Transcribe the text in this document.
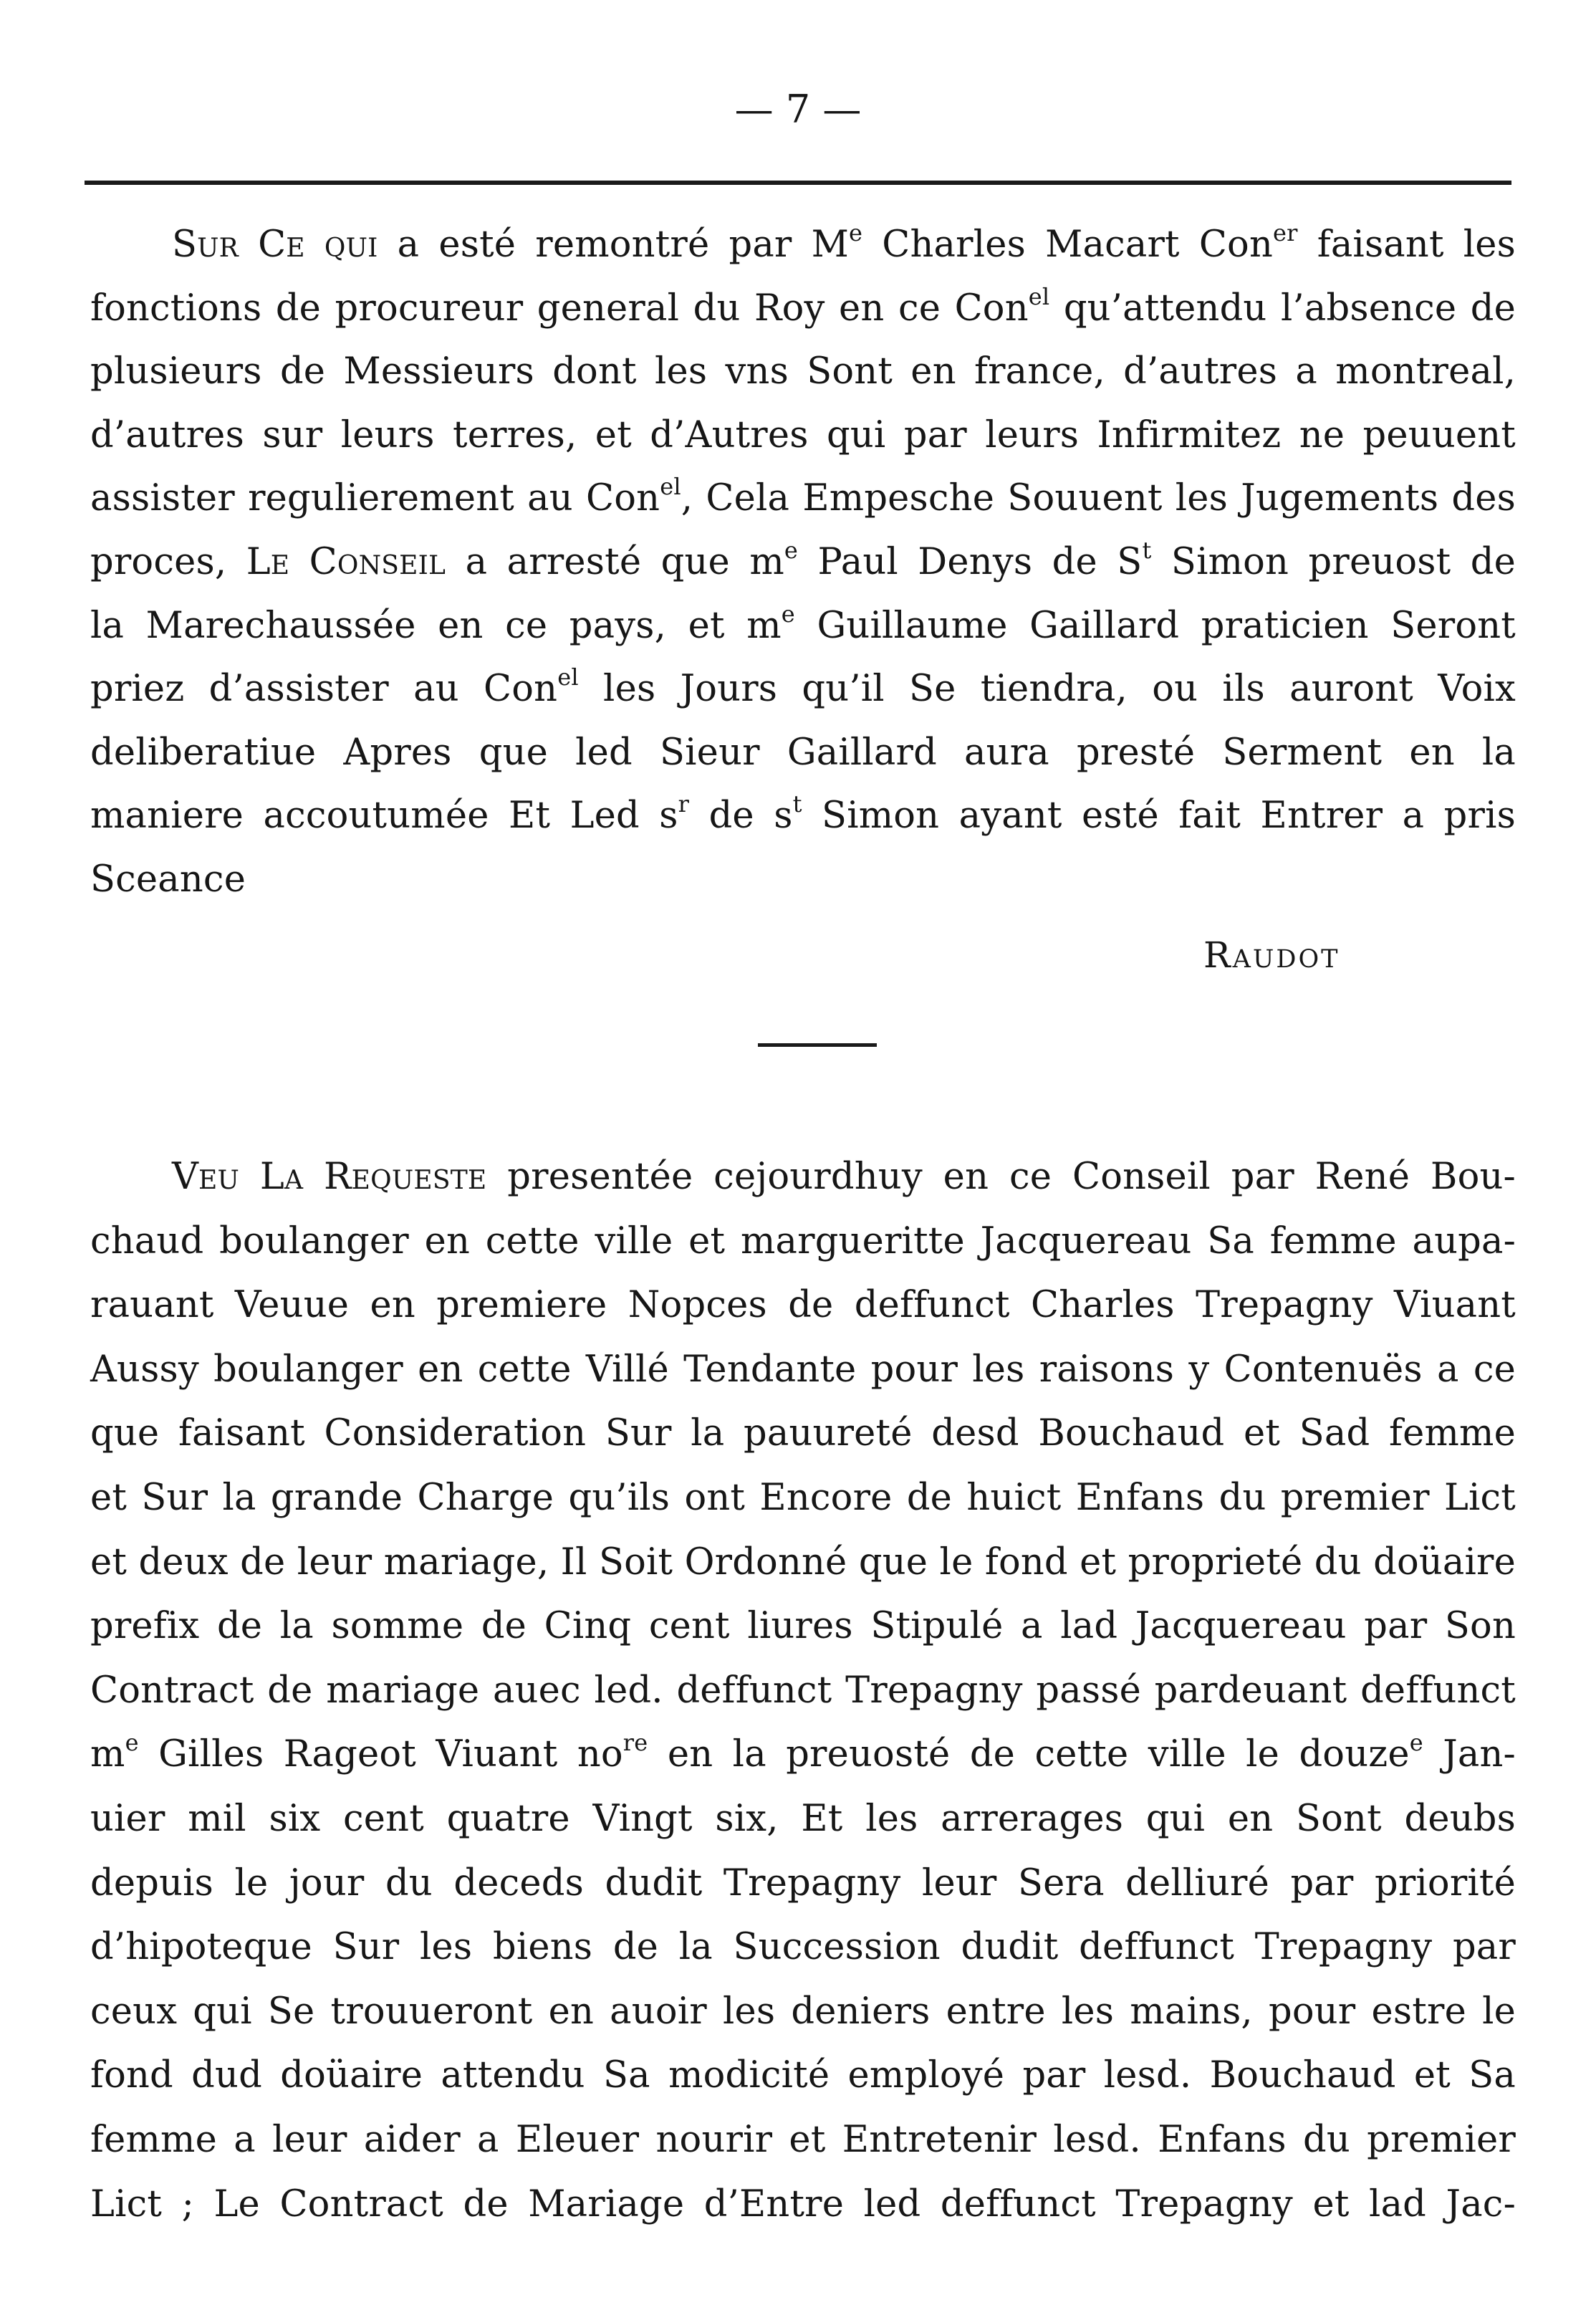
— 7 —

Sur Ce qui a esté remontré par Me Charles Macart Con$^{er}$ faisant les
fonctions de procureur general du Roy en ce Con$^{el}$ qu’attendu l’absence de
plusieurs de Messieurs dont les vns Sont en france, d’autres a montreal,
d’autres sur leurs terres, et d’Autres qui par leurs Infirmitez ne peuuent
assister regulierement au Con$^{el}$, Cela Empesche Souuent les Jugements des
proces, Le Conseil a arresté que $m^e$ Paul Denys de $S^t$ Simon preuost de
la Marechaussée en ce pays, et $m^e$ Guillaume Gaillard praticien Seront
priez d’assister au Con$^{el}$ les Jours qu’il Se tiendra, ou ils auront Voix
deliberatiue Apres que led Sieur Gaillard aura presté Serment en la
maniere accoutumée Et Led $s^r$ de $s^t$ Simon ayant esté fait Entrer a pris
Sceance

Raudot

Veu La Requeste presentée cejourdhuy en ce Conseil par René Bou-
chaud boulanger en cette ville et margueritte Jacquereau Sa femme aupa-
rauant Veuue en premiere Nopces de deffunct Charles Trepagny Viuant
Aussy boulanger en cette Villé Tendante pour les raisons y Contenuës a ce
que faisant Consideration Sur la pauureté desd Bouchaud et Sad femme
et Sur la grande Charge qu’ils ont Encore de huict Enfans du premier Lict
et deux de leur mariage, Il Soit Ordonné que le fond et proprieté du doüaire
prefix de la somme de Cinq cent liures Stipulé a lad Jacquereau par Son
Contract de mariage auec led. deffunct Trepagny passé pardeuant deffunct
$m^e$ Gilles Rageot Viuant $no^{re}$ en la preuosté de cette ville le douze$^e$ Jan-
uier mil six cent quatre Vingt six, Et les arrerages qui en Sont deubs
depuis le jour du deceds dudit Trepagny leur Sera delliuré par priorité
d’hipoteque Sur les biens de la Succession dudit deffunct Trepagny par
ceux qui Se trouueront en auoir les deniers entre les mains, pour estre le
fond dud doüaire attendu Sa modicité employé par lesd. Bouchaud et Sa
femme a leur aider a Eleuer nourir et Entretenir lesd. Enfans du premier
Lict ; Le Contract de Mariage d’Entre led deffunct Trepagny et lad Jac-
